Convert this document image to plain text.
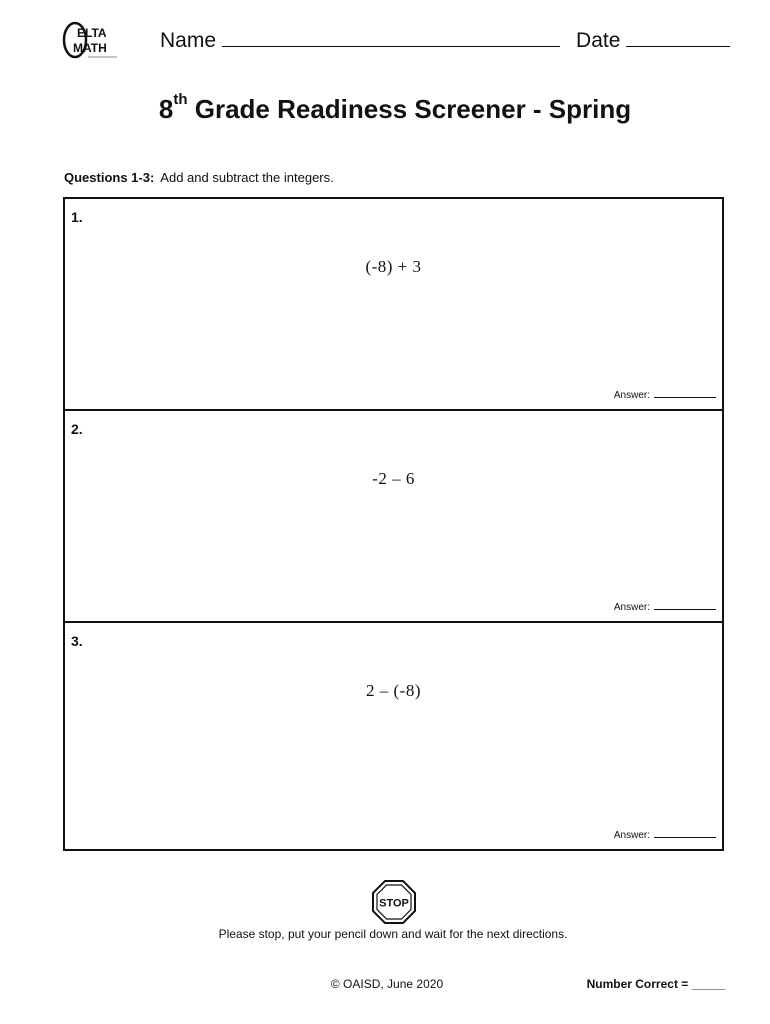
ELTA
MATH	Name	Date
8th Grade Readiness Screener - Spring
Questions 1-3: Add and subtract the integers.
1.
(-8) + 3
Answer:
2.
-2 – 6
Answer:
3.
2 – (-8)
Answer:
STOP
Please stop, put your pencil down and wait for the next directions.
© OAISD, June 2020	Number Correct = _____
